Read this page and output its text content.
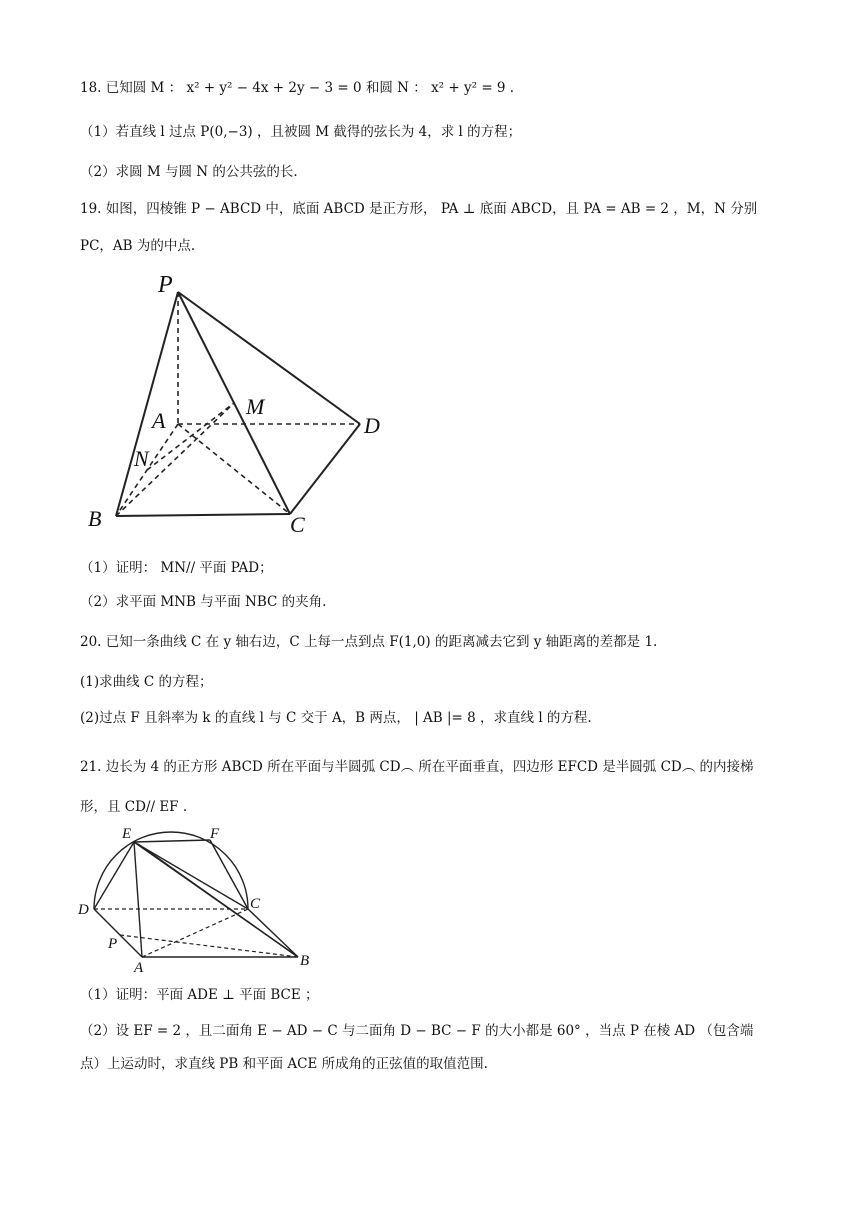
18. 已知圆 M ： x² + y² − 4x + 2y − 3 = 0 和圆 N ： x² + y² = 9 .
（1）若直线 l 过点 P(0,−3) ，且被圆 M 截得的弦长为 4，求 l 的方程；
（2）求圆 M 与圆 N 的公共弦的长.
19. 如图，四棱锥 P − ABCD 中，底面 ABCD 是正方形， PA ⊥ 底面 ABCD，且 PA = AB = 2 ，M，N 分别
PC，AB 为的中点.
P
A
M
D
N
B	C
（1）证明： MN// 平面 PAD；
（2）求平面 MNB 与平面 NBC 的夹角.
20. 已知一条曲线 C 在 y 轴右边，C 上每一点到点 F(1,0) 的距离减去它到 y 轴距离的差都是 1.
(1)求曲线 C 的方程；
(2)过点 F 且斜率为 k 的直线 l 与 C 交于 A，B 两点， | AB |= 8 ，求直线 l 的方程.
21. 边长为 4 的正方形 ABCD 所在平面与半圆弧 CD︵ 所在平面垂直，四边形 EFCD 是半圆弧 CD︵ 的内接梯
形，且 CD// EF .
E	F
D	C
P
A	B
（1）证明：平面 ADE ⊥ 平面 BCE ；
（2）设 EF = 2 ，且二面角 E − AD − C 与二面角 D − BC − F 的大小都是 60° ，当点 P 在棱 AD （包含端
点）上运动时，求直线 PB 和平面 ACE 所成角的正弦值的取值范围.
